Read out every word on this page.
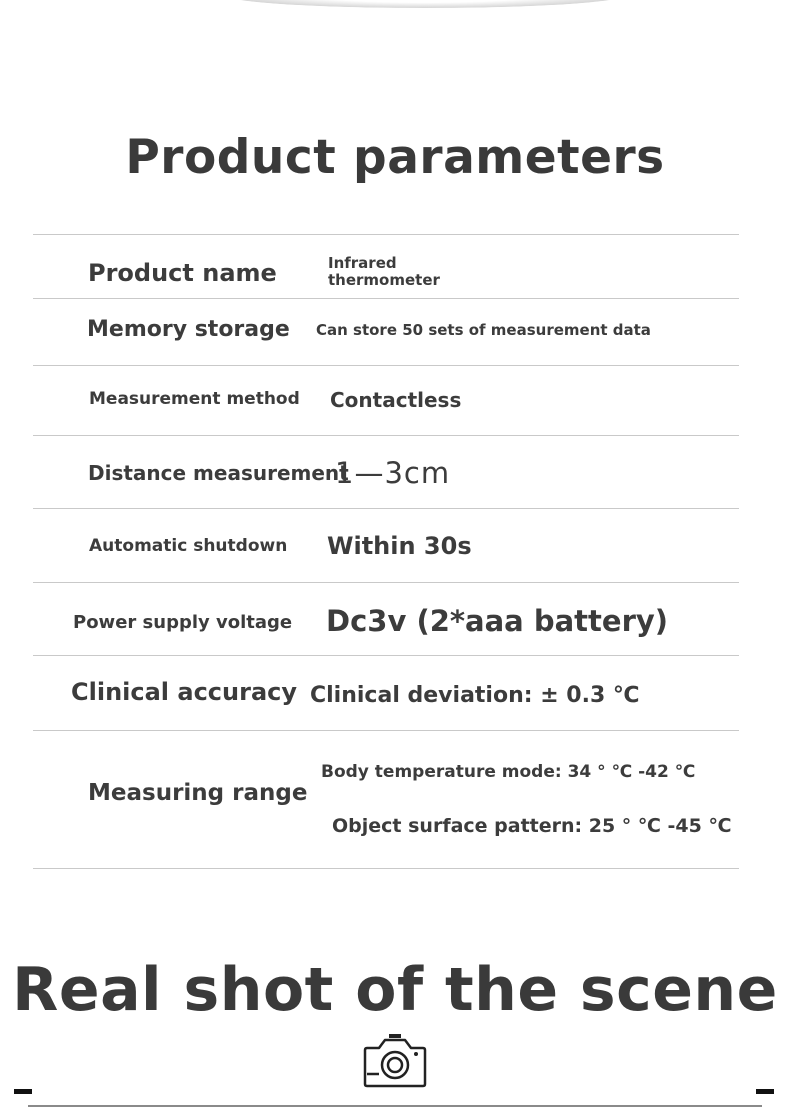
Product parameters
Product name	Infrared
thermometer
Memory storage Can store 50 sets of measurement data
Measurement method Contactless
Distance measurement
1—3cm
Automatic shutdown Within 30s
Power supply voltage Dc3v (2*aaa battery)
Clinical accuracy Clinical deviation: ± 0.3 ℃
Measuring range
Body temperature mode: 34 ° ℃ -42 ℃
Object surface pattern: 25 ° ℃ -45 ℃
Real shot of the scene
